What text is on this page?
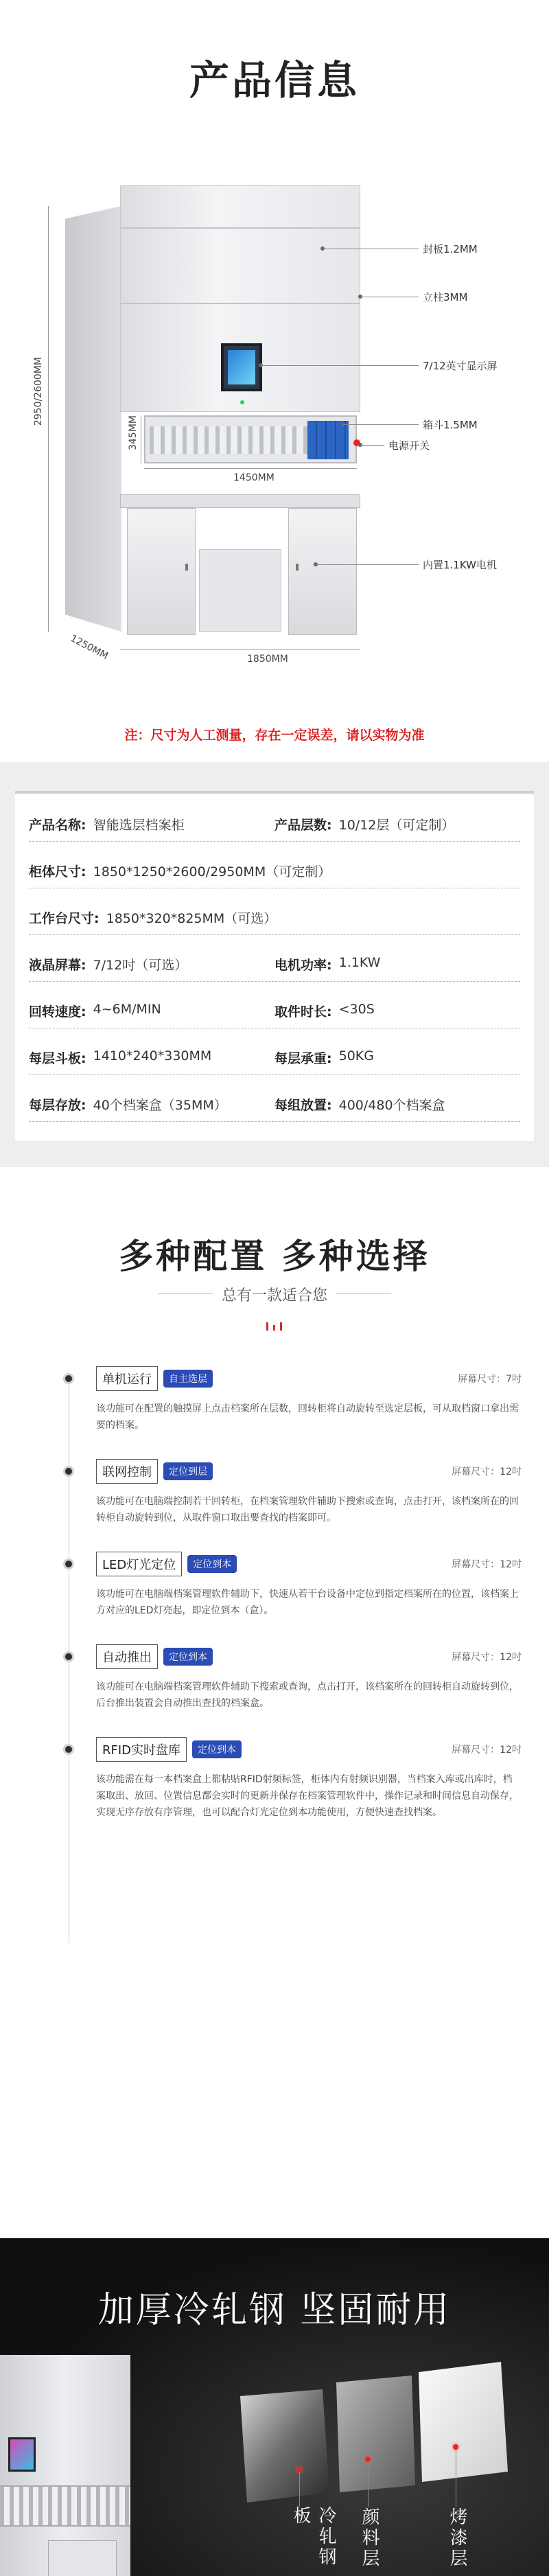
产品信息
2950/2600MM
345MM
1450MM
1850MM
1250MM
封板1.2MM
立柱3MM
7/12英寸显示屏
箱斗1.5MM
电源开关
内置1.1KW电机
注：尺寸为人工测量，存在一定误差，请以实物为准
产品名称: 智能选层档案柜	产品层数: 10/12层（可定制）
柜体尺寸: 1850*1250*2600/2950MM（可定制）
工作台尺寸: 1850*320*825MM（可选）
液晶屏幕: 7/12吋（可选）	电机功率: 1.1KW
回转速度: 4~6M/MIN	取件时长: <30S
每层斗板: 1410*240*330MM	每层承重: 50KG
每层存放: 40个档案盒（35MM）	每组放置: 400/480个档案盒
多种配置 多种选择
总有一款适合您
单机运行	自主选层	屏幕尺寸：7吋
该功能可在配置的触摸屏上点击档案所在层数，回转柜将自动旋转至选定层板，可从取档窗口拿出需要的档案。
联网控制	定位到层	屏幕尺寸：12吋
该功能可在电脑端控制若干回转柜，在档案管理软件辅助下搜索或查询，点击打开，该档案所在的回转柜自动旋转到位，从取件窗口取出要查找的档案即可。
LED灯光定位	定位到本	屏幕尺寸：12吋
该功能可在电脑端档案管理软件辅助下，快速从若干台设备中定位到指定档案所在的位置，该档案上方对应的LED灯亮起，即定位到本（盒）。
自动推出	定位到本	屏幕尺寸：12吋
该功能可在电脑端档案管理软件辅助下搜索或查询，点击打开，该档案所在的回转柜自动旋转到位，后台推出装置会自动推出查找的档案盒。
RFID实时盘库	定位到本	屏幕尺寸：12吋
该功能需在每一本档案盒上都粘贴RFID射频标签，柜体内有射频识别器，当档案入库或出库时，档案取出、放回、位置信息都会实时的更新并保存在档案管理软件中，操作记录和时间信息自动保存，实现无序存放有序管理，也可以配合灯光定位到本功能使用，方便快速查找档案。
加厚冷轧钢 坚固耐用
冷轧钢板	颜料层	烤漆层
